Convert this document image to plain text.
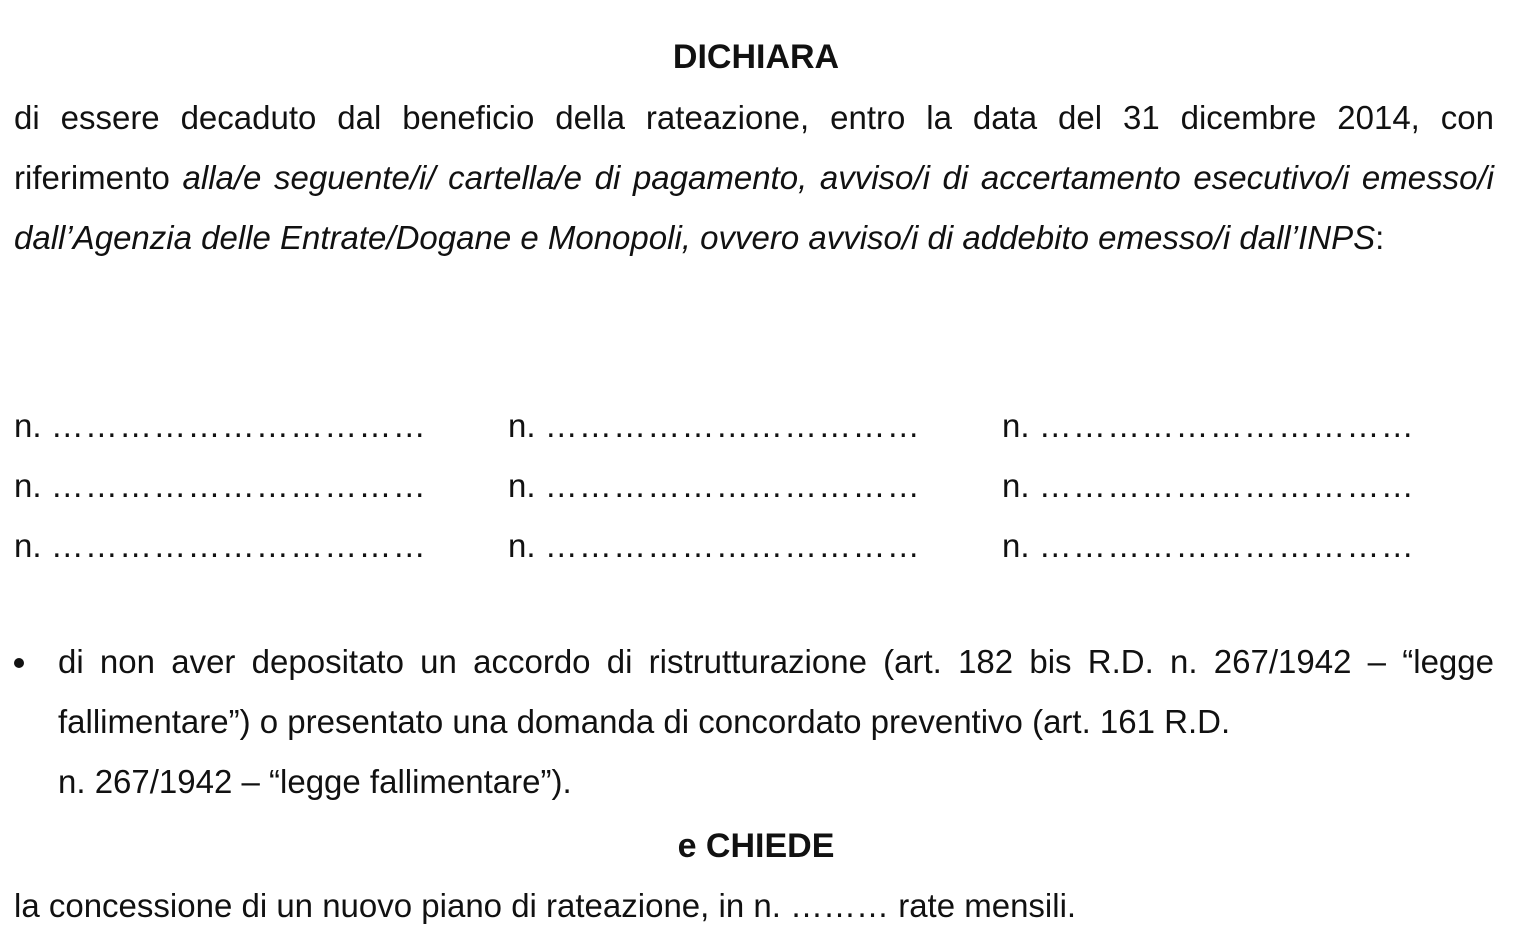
DICHIARA
di essere decaduto dal beneficio della rateazione, entro la data del 31 dicembre 2014, con riferimento alla/e seguente/i/ cartella/e di pagamento, avviso/i di accertamento esecutivo/i emesso/i dall’Agenzia delle Entrate/Dogane e Monopoli, ovvero avviso/i di addebito emesso/i dall’INPS:
n. …………………………… n. …………………………… n. ……………………………
n. …………………………… n. …………………………… n. ……………………………
n. …………………………… n. …………………………… n. ……………………………
di non aver depositato un accordo di ristrutturazione (art. 182 bis R.D. n. 267/1942 – “legge fallimentare”) o presentato una domanda di concordato preventivo (art. 161 R.D.
n. 267/1942 – “legge fallimentare”).
e CHIEDE
la concessione di un nuovo piano di rateazione, in n. ……… rate mensili.
